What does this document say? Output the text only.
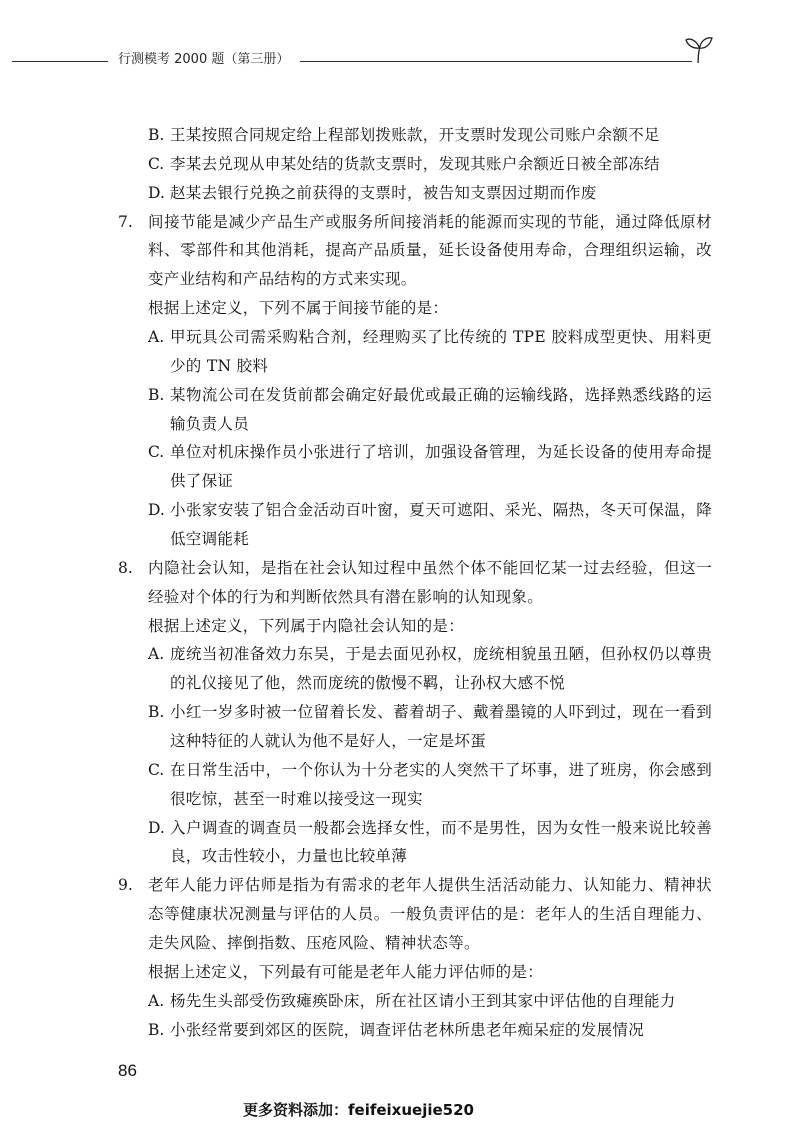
行测模考 2000 题（第三册）
B. 王某按照合同规定给上程部划拨账款，开支票时发现公司账户余额不足
C. 李某去兑现从申某处结的货款支票时，发现其账户余额近日被全部冻结
D. 赵某去银行兑换之前获得的支票时，被告知支票因过期而作废
7. 间接节能是减少产品生产或服务所间接消耗的能源而实现的节能，通过降低原材
料、零部件和其他消耗，提高产品质量，延长设备使用寿命，合理组织运输，改
变产业结构和产品结构的方式来实现。
根据上述定义，下列不属于间接节能的是：
A. 甲玩具公司需采购粘合剂，经理购买了比传统的 TPE 胶料成型更快、用料更
少的 TN 胶料
B. 某物流公司在发货前都会确定好最优或最正确的运输线路，选择熟悉线路的运
输负责人员
C. 单位对机床操作员小张进行了培训，加强设备管理，为延长设备的使用寿命提
供了保证
D. 小张家安装了铝合金活动百叶窗，夏天可遮阳、采光、隔热，冬天可保温，降
低空调能耗
8. 内隐社会认知，是指在社会认知过程中虽然个体不能回忆某一过去经验，但这一
经验对个体的行为和判断依然具有潜在影响的认知现象。
根据上述定义，下列属于内隐社会认知的是：
A. 庞统当初准备效力东吴，于是去面见孙权，庞统相貌虽丑陋，但孙权仍以尊贵
的礼仪接见了他，然而庞统的傲慢不羁，让孙权大感不悦
B. 小红一岁多时被一位留着长发、蓄着胡子、戴着墨镜的人吓到过，现在一看到
这种特征的人就认为他不是好人，一定是坏蛋
C. 在日常生活中，一个你认为十分老实的人突然干了坏事，进了班房，你会感到
很吃惊，甚至一时难以接受这一现实
D. 入户调查的调查员一般都会选择女性，而不是男性，因为女性一般来说比较善
良，攻击性较小，力量也比较单薄
9. 老年人能力评估师是指为有需求的老年人提供生活活动能力、认知能力、精神状
态等健康状况测量与评估的人员。一般负责评估的是：老年人的生活自理能力、
走失风险、摔倒指数、压疮风险、精神状态等。
根据上述定义，下列最有可能是老年人能力评估师的是：
A. 杨先生头部受伤致瘫痪卧床，所在社区请小王到其家中评估他的自理能力
B. 小张经常要到郊区的医院，调查评估老林所患老年痴呆症的发展情况
86
更多资料添加：feifeixuejie520
